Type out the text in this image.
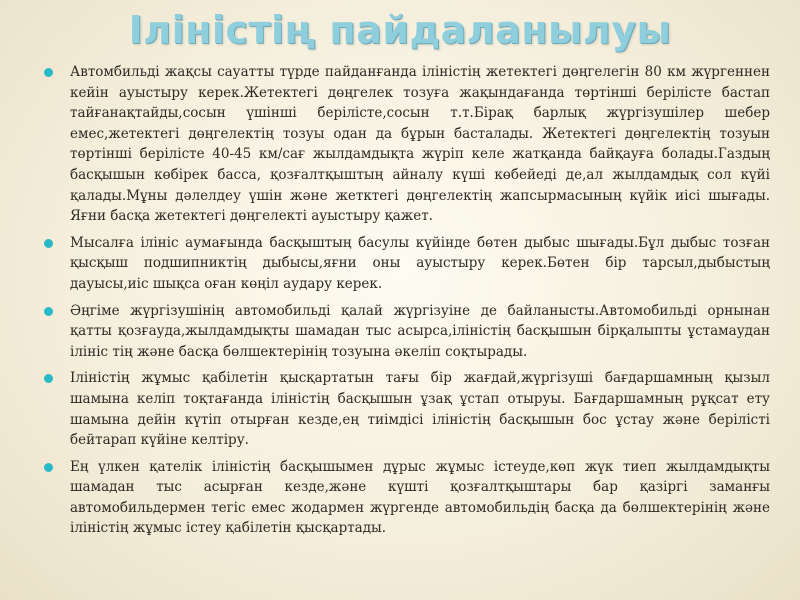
Ілініcтің пайдаланылуы
Автомбильді жақсы сауатты түрде пайданғанда ілініcтің жетектегі дөңгелегін 80 км жүргеннен кейін ауыстыру керек.Жетектегі дөңгелек тозуға жақындағанда төртінші берілісте бастап тайғанақтайды,сосын үшінші берілісте,сосын т.т.Бірақ барлық жүргізушілер шебер емес,жетектегі дөңгелектің тозуы одан да бұрын басталады. Жетектегі дөңгелектің тозуын төртінші берілісте 40-45 км/сағ жылдамдықта жүріп келе жатқанда байқауға болады.Газдың басқышын көбірек басса, қозғалтқыштың айналу күші көбейеді де,ал жылдамдық сол күйі қалады.Мұны дәлелдеу үшін және жетктегі дөңгелектің жапсырмасының күйік иісі шығады. Яғни басқа жетектегі дөңгелекті ауыстыру қажет.
Мысалға ілініс аумағында басқыштың басулы күйінде бөтен дыбыс шығады.Бұл дыбыс тозған қысқыш подшипниктің дыбысы,яғни оны ауыстыру керек.Бөтен бір тарсыл,дыбыстың дауысы,иіс шықса оған көңіл аудару керек.
Әңгіме жүргізушінің автомобильді қалай жүргізуіне де байланысты.Автомобильді орнынан қатты қозғауда,жылдамдықты шамадан тыс асырса,ілініcтің басқышын бірқалыпты ұстамаудан ілініс тің және басқа бөлшектерінің тозуына әкеліп соқтырады.
Ілініcтің жұмыс қабілетін қысқартатын тағы бір жағдай,жүргізуші бағдаршамның қызыл шамына келіп тоқтағанда ілініcтің басқышын ұзақ ұстап отыруы. Бағдаршамның рұқсат ету шамына дейін күтіп отырған кезде,ең тиімдісі ілініcтің басқышын бос ұстау және берілісті бейтарап күйіне келтіру.
Ең үлкен қателік ілініcтің басқышымен дұрыс жұмыс істеуде,көп жүк тиеп жылдамдықты шамадан тыс асырған кезде,және күшті қозғалтқыштары бар қазіргі заманғы автомобильдермен тегіс емес жодармен жүргенде автомобильдің басқа да бөлшектерінің және ілініcтің жұмыс істеу қабілетін қысқартады.
